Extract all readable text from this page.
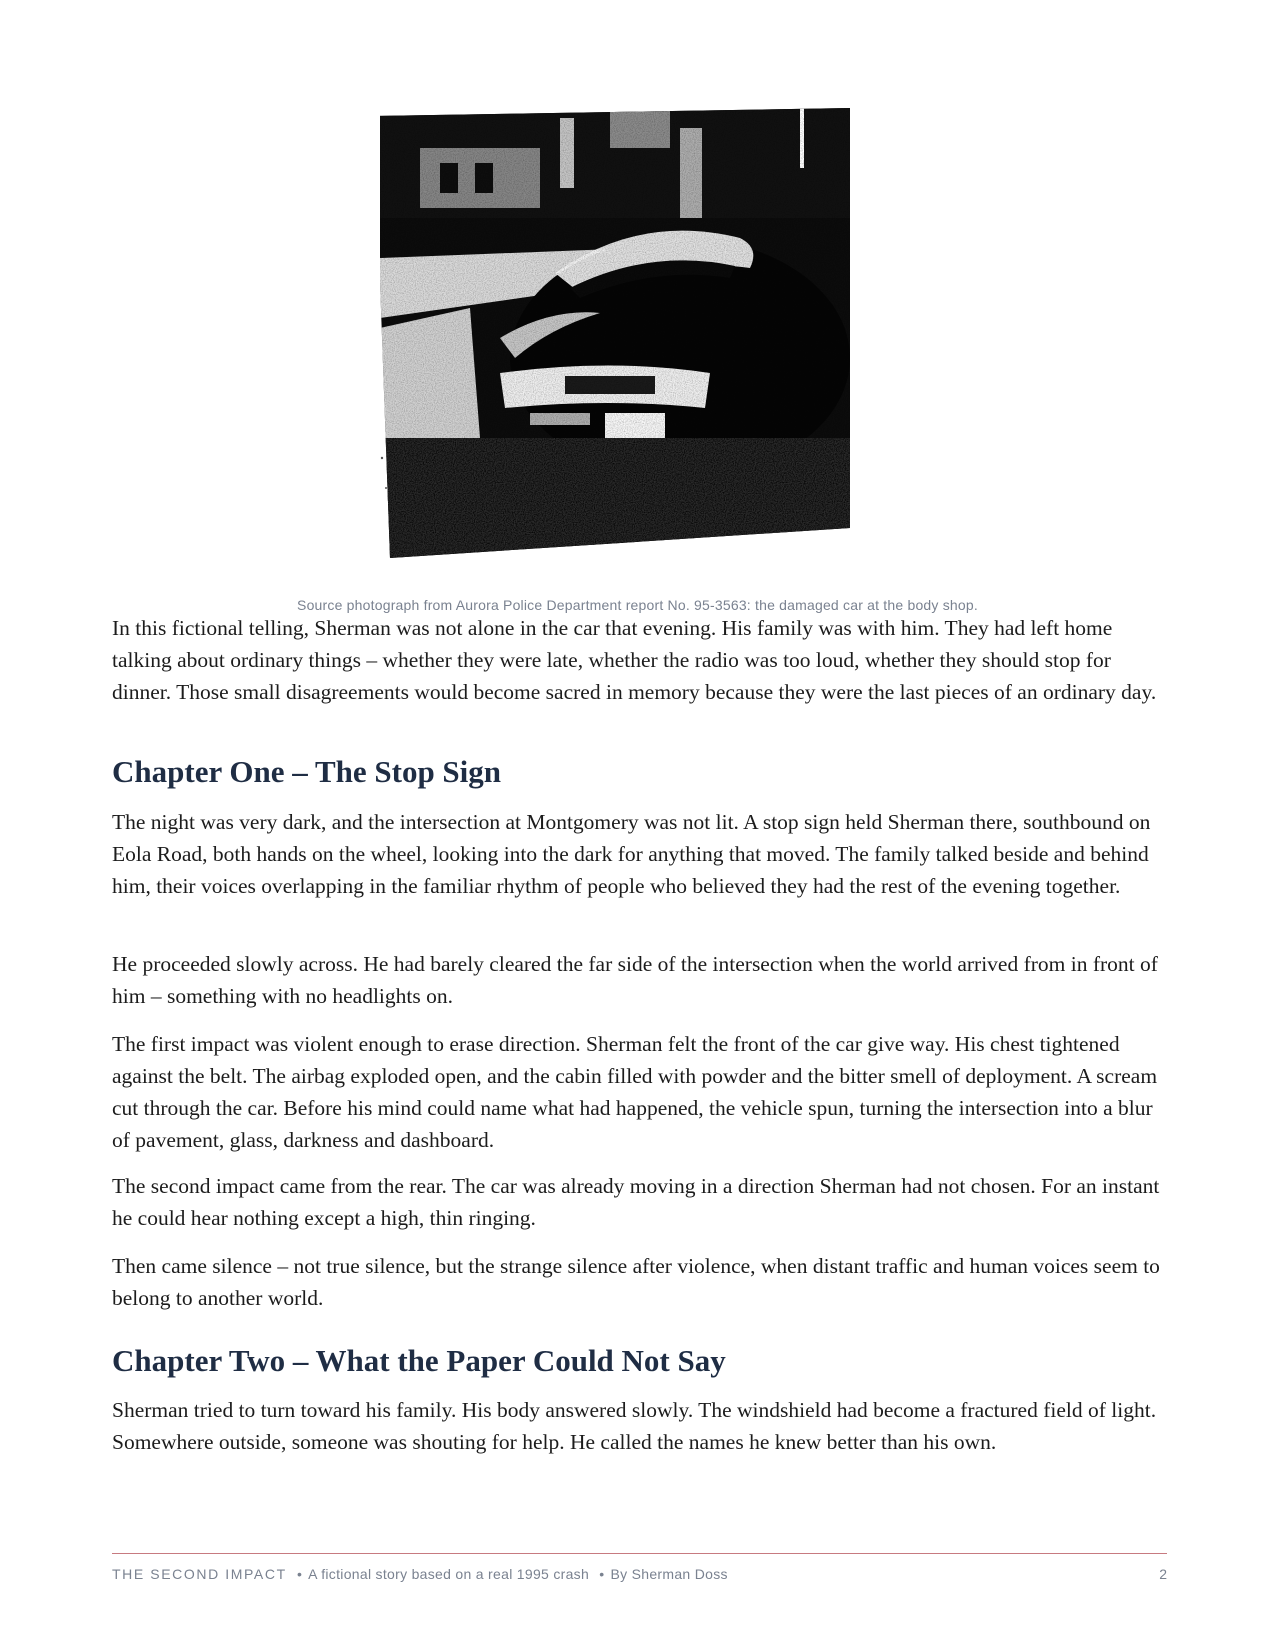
Source photograph from Aurora Police Department report No. 95-3563: the damaged car at the body shop.

In this fictional telling, Sherman was not alone in the car that evening. His family was with him. They had left home talking about ordinary things – whether they were late, whether the radio was too loud, whether they should stop for dinner. Those small disagreements would become sacred in memory because they were the last pieces of an ordinary day.

Chapter One – The Stop Sign

The night was very dark, and the intersection at Montgomery was not lit. A stop sign held Sherman there, southbound on Eola Road, both hands on the wheel, looking into the dark for anything that moved. The family talked beside and behind him, their voices overlapping in the familiar rhythm of people who believed they had the rest of the evening together.

He proceeded slowly across. He had barely cleared the far side of the intersection when the world arrived from in front of him – something with no headlights on.

The first impact was violent enough to erase direction. Sherman felt the front of the car give way. His chest tightened against the belt. The airbag exploded open, and the cabin filled with powder and the bitter smell of deployment. A scream cut through the car. Before his mind could name what had happened, the vehicle spun, turning the intersection into a blur of pavement, glass, darkness and dashboard.

The second impact came from the rear. The car was already moving in a direction Sherman had not chosen. For an instant he could hear nothing except a high, thin ringing.

Then came silence – not true silence, but the strange silence after violence, when distant traffic and human voices seem to belong to another world.

Chapter Two – What the Paper Could Not Say

Sherman tried to turn toward his family. His body answered slowly. The windshield had become a fractured field of light. Somewhere outside, someone was shouting for help. He called the names he knew better than his own.

THE SECOND IMPACT • A fictional story based on a real 1995 crash • By Sherman Doss	2
